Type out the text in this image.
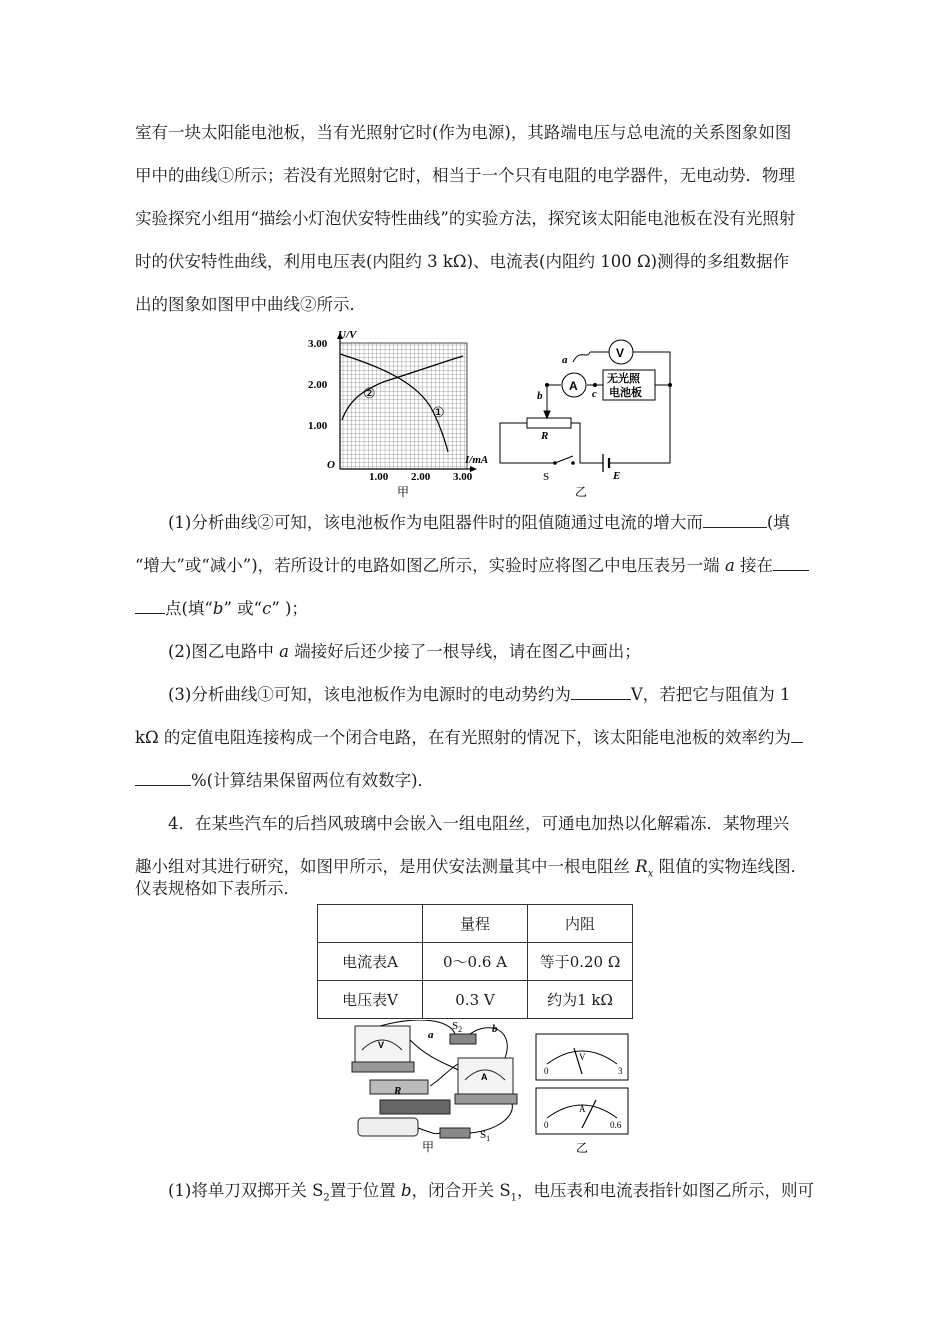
室有一块太阳能电池板，当有光照射它时(作为电源)，其路端电压与总电流的关系图象如图

甲中的曲线①所示；若没有光照射它时，相当于一个只有电阻的电学器件，无电动势．物理

实验探究小组用“描绘小灯泡伏安特性曲线”的实验方法，探究该太阳能电池板在没有光照射

时的伏安特性曲线，利用电压表(内阻约 3 kΩ)、电流表(内阻约 100 Ω)测得的多组数据作

出的图象如图甲中曲线②所示．

U/V
3.00
2.00
1.00
O
1.00 2.00 3.00
I/mA
①
②
甲
V
A
无光照
电池板
a
b	c
R
S	E
乙

(1)分析曲线②可知，该电池板作为电阻器件时的阻值随通过电流的增大而	(填

“增大”或“减小”)，若所设计的电路如图乙所示，实验时应将图乙中电压表另一端 a 接在

点(填“b” 或“c” )；

(2)图乙电路中 a 端接好后还少接了一根导线，请在图乙中画出；

(3)分析曲线①可知，该电池板作为电源时的电动势约为	V，若把它与阻值为 1

kΩ 的定值电阻连接构成一个闭合电路，在有光照射的情况下，该太阳能电池板的效率约为

%(计算结果保留两位有效数字)．

4．在某些汽车的后挡风玻璃中会嵌入一组电阻丝，可通电加热以化解霜冻．某物理兴

趣小组对其进行研究，如图甲所示，是用伏安法测量其中一根电阻丝 $R_x$ 阻值的实物连线图．

仪表规格如下表所示．

	量程	内阻
电流表A	0～0.6 A	等于0.20 Ω
电压表V	0.3 V	约为1 kΩ
V
A
a	b
$S_2$
R
$S_1$
甲
V
0	3
A
0	0.6
乙

(1)将单刀双掷开关 $S_2$置于位置 b，闭合开关 $S_1$，电压表和电流表指针如图乙所示，则可
